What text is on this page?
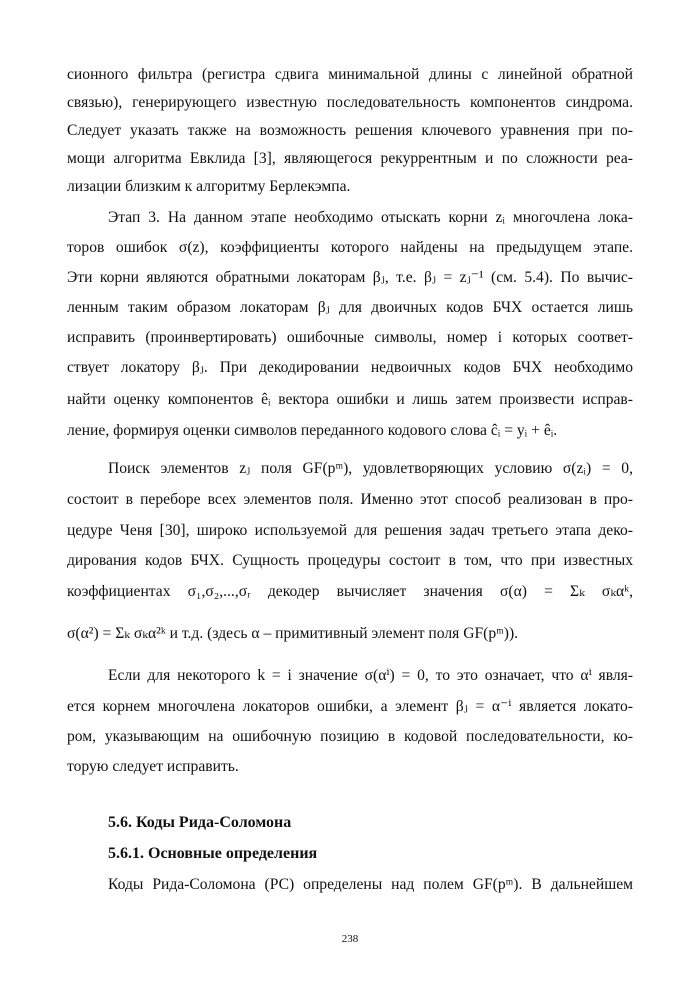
сионного фильтра (регистра сдвига минимальной длины с линейной обратной
связью), генерирующего известную последовательность компонентов синдрома.
Следует указать также на возможность решения ключевого уравнения при по-
мощи алгоритма Евклида [3], являющегося рекуррентным и по сложности реа-
лизации близким к алгоритму Берлекэмпа.
Этап 3. На данном этапе необходимо отыскать корни zᵢ многочлена лока-
торов ошибок σ(z), коэффициенты которого найдены на предыдущем этапе.
Эти корни являются обратными локаторам βⱼ, т.е. βⱼ = zⱼ⁻¹ (см. 5.4). По вычис-
ленным таким образом локаторам βⱼ для двоичных кодов БЧХ остается лишь
исправить (проинвертировать) ошибочные символы, номер i которых соответ-
ствует локатору βⱼ. При декодировании недвоичных кодов БЧХ необходимо
найти оценку компонентов êᵢ вектора ошибки и лишь затем произвести исправ-
ление, формируя оценки символов переданного кодового слова ĉᵢ = yᵢ + êᵢ.
Поиск элементов zⱼ поля GF(pᵐ), удовлетворяющих условию σ(zᵢ) = 0,
состоит в переборе всех элементов поля. Именно этот способ реализован в про-
цедуре Ченя [30], широко используемой для решения задач третьего этапа деко-
дирования кодов БЧХ. Сущность процедуры состоит в том, что при известных
коэффициентах σ₁,σ₂,...,σᵣ декодер вычисляет значения σ(α) = Σₖ σₖαᵏ,
σ(α²) = Σₖ σₖα²ᵏ и т.д. (здесь α – примитивный элемент поля GF(pᵐ)).
Если для некоторого k = i значение σ(αⁱ) = 0, то это означает, что αⁱ явля-
ется корнем многочлена локаторов ошибки, а элемент βⱼ = α⁻ⁱ является локато-
ром, указывающим на ошибочную позицию в кодовой последовательности, ко-
торую следует исправить.
5.6. Коды Рида-Соломона
5.6.1. Основные определения
Коды Рида-Соломона (РС) определены над полем GF(pᵐ). В дальнейшем
238
